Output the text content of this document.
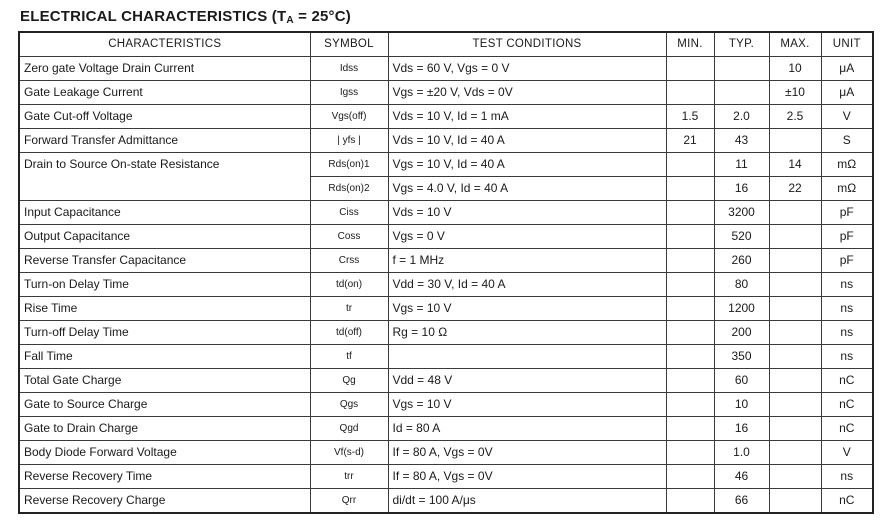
ELECTRICAL CHARACTERISTICS $(T_A = 25^\circ C)$
CHARACTERISTICS	SYMBOL	TEST CONDITIONS	MIN.	TYP.	MAX.	UNIT
Zero gate Voltage Drain Current	Idss	Vds = 60 V, Vgs = 0 V			10	μA
Gate Leakage Current	Igss	Vgs = ±20 V, Vds = 0V			±10	μA
Gate Cut-off Voltage	Vgs(off)	Vds = 10 V, Id = 1 mA	1.5	2.0	2.5	V
Forward Transfer Admittance	| yfs |	Vds = 10 V, Id = 40 A	21	43		S
Drain to Source On-state Resistance	Rds(on)1	Vgs = 10 V, Id = 40 A		11	14	mΩ
	Rds(on)2	Vgs = 4.0 V, Id = 40 A		16	22	mΩ
Input Capacitance	Ciss	Vds = 10 V		3200		pF
Output Capacitance	Coss	Vgs = 0 V		520		pF
Reverse Transfer Capacitance	Crss	f = 1 MHz		260		pF
Turn-on Delay Time	td(on)	Vdd = 30 V, Id = 40 A		80		ns
Rise Time	tr	Vgs = 10 V		1200		ns
Turn-off Delay Time	td(off)	Rg = 10 Ω		200		ns
Fall Time	tf			350		ns
Total Gate Charge	Qg	Vdd = 48 V		60		nC
Gate to Source Charge	Qgs	Vgs = 10 V		10		nC
Gate to Drain Charge	Qgd	Id = 80 A		16		nC
Body Diode Forward Voltage	Vf(s-d)	If = 80 A, Vgs = 0V		1.0		V
Reverse Recovery Time	trr	If = 80 A, Vgs = 0V		46		ns
Reverse Recovery Charge	Qrr	di/dt = 100 A/μs		66		nC
